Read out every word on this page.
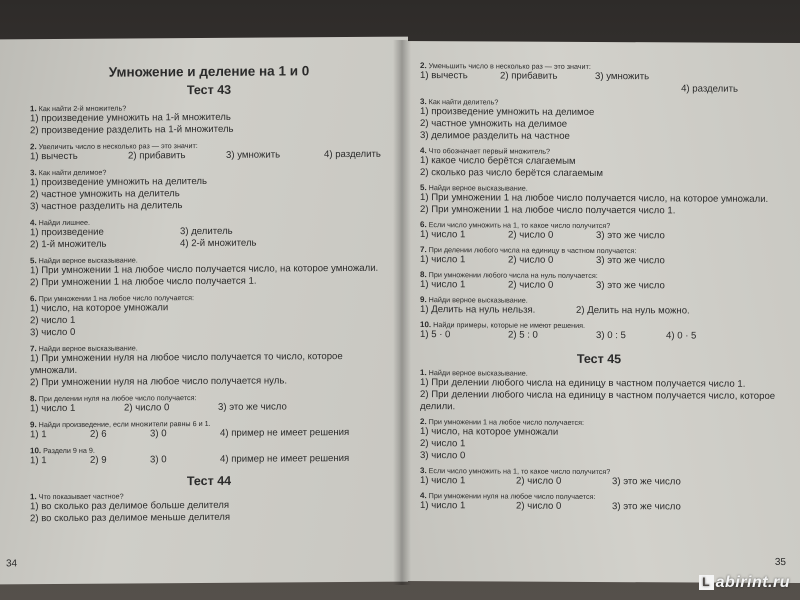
Умножение и деление на 1 и 0

Тест 43

1. Как найти 2-й множитель?

1) произведение умножить на 1-й множитель

2) произведение разделить на 1-й множитель

2. Увеличить число в несколько раз — это значит:

1) вычесть	2) прибавить	3) умножить	4) разделить

3. Как найти делимое?

1) произведение умножить на делитель

2) частное умножить на делитель

3) частное разделить на делитель

4. Найди лишнее.

1) произведение	3) делитель
2) 1-й множитель	4) 2-й множитель

5. Найди верное высказывание.

1) При умножении 1 на любое число получается число, на которое умножали.

2) При умножении 1 на любое число получается 1.

6. При умножении 1 на любое число получается:

1) число, на которое умножали

2) число 1

3) число 0

7. Найди верное высказывание.

1) При умножении нуля на любое число получается то число, которое умножали.

2) При умножении нуля на любое число получается нуль.

8. При делении нуля на любое число получается:

1) число 1	2) число 0	3) это же число

9. Найди произведение, если множители равны 6 и 1.

1) 1	2) 6	3) 0	4) пример не имеет решения

10. Раздели 9 на 9.

1) 1	2) 9	3) 0	4) пример не имеет решения

Тест 44

1. Что показывает частное?

1) во сколько раз делимое больше делителя

2) во сколько раз делимое меньше делителя

34

2. Уменьшить число в несколько раз — это значит:

1) вычесть	2) прибавить	3) умножить
4) разделить

3. Как найти делитель?

1) произведение умножить на делимое

2) частное умножить на делимое

3) делимое разделить на частное

4. Что обозначает первый множитель?

1) какое число берётся слагаемым

2) сколько раз число берётся слагаемым

5. Найди верное высказывание.

1) При умножении 1 на любое число получается число, на которое умножали.

2) При умножении 1 на любое число получается число 1.

6. Если число умножить на 1, то какое число получится?

1) число 1	2) число 0	3) это же число

7. При делении любого числа на единицу в частном получается:

1) число 1	2) число 0	3) это же число

8. При умножении любого числа на нуль получается:

1) число 1	2) число 0	3) это же число

9. Найди верное высказывание.

1) Делить на нуль нельзя.	2) Делить на нуль можно.

10. Найди примеры, которые не имеют решения.

1) 5 · 0	2) 5 : 0	3) 0 : 5	4) 0 · 5

Тест 45

1. Найди верное высказывание.

1) При делении любого числа на единицу в частном получается число 1.

2) При делении любого числа на единицу в частном получается число, которое делили.

2. При умножении 1 на любое число получается:

1) число, на которое умножали

2) число 1

3) число 0

3. Если число умножить на 1, то какое число получится?

1) число 1	2) число 0	3) это же число

4. При умножении нуля на любое число получается:

1) число 1	2) число 0	3) это же число
35
L abirint.ru
